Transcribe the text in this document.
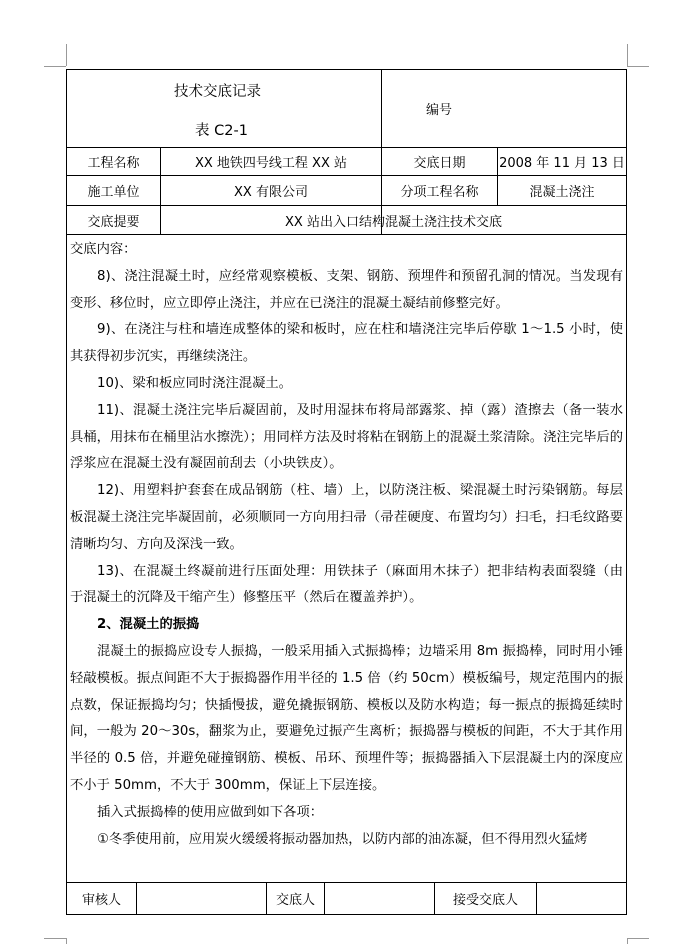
技术交底记录
表 C2-1
编号
工程名称	XX 地铁四号线工程 XX 站	交底日期	2008 年 11 月 13 日
施工单位	XX 有限公司	分项工程名称	混凝土浇注
交底提要	XX 站出入口结构混凝土浇注技术交底

交底内容：

8)、浇注混凝土时，应经常观察模板、支架、钢筋、预埋件和预留孔洞的情况。当发现有变形、移位时，应立即停止浇注，并应在已浇注的混凝土凝结前修整完好。

9)、在浇注与柱和墙连成整体的梁和板时，应在柱和墙浇注完毕后停歇 1～1.5 小时，使其获得初步沉实，再继续浇注。

10)、梁和板应同时浇注混凝土。

11)、混凝土浇注完毕后凝固前，及时用湿抹布将局部露浆、掉（露）渣擦去（备一装水具桶，用抹布在桶里沾水擦洗）；用同样方法及时将粘在钢筋上的混凝土浆清除。浇注完毕后的浮浆应在混凝土没有凝固前刮去（小块铁皮）。

12)、用塑料护套套在成品钢筋（柱、墙）上，以防浇注板、梁混凝土时污染钢筋。每层板混凝土浇注完毕凝固前，必须顺同一方向用扫帚（帚茬硬度、布置均匀）扫毛，扫毛纹路要清晰均匀、方向及深浅一致。

13)、在混凝土终凝前进行压面处理：用铁抹子（麻面用木抹子）把非结构表面裂缝（由于混凝土的沉降及干缩产生）修整压平（然后在覆盖养护）。

2、混凝土的振捣

混凝土的振捣应设专人振捣，一般采用插入式振捣棒；边墙采用 8m 振捣棒，同时用小锤轻敲模板。振点间距不大于振捣器作用半径的 1.5 倍（约 50cm）模板编号，规定范围内的振点数，保证振捣均匀；快插慢拔，避免撬振钢筋、模板以及防水构造；每一振点的振捣延续时间，一般为 20～30s，翻浆为止，要避免过振产生离析；振捣器与模板的间距，不大于其作用半径的 0.5 倍，并避免碰撞钢筋、模板、吊环、预埋件等；振捣器插入下层混凝土内的深度应不小于 50mm，不大于 300mm，保证上下层连接。

插入式振捣棒的使用应做到如下各项：

①冬季使用前，应用炭火缓缓将振动器加热，以防内部的油冻凝，但不得用烈火猛烤

审核人	交底人	接受交底人
